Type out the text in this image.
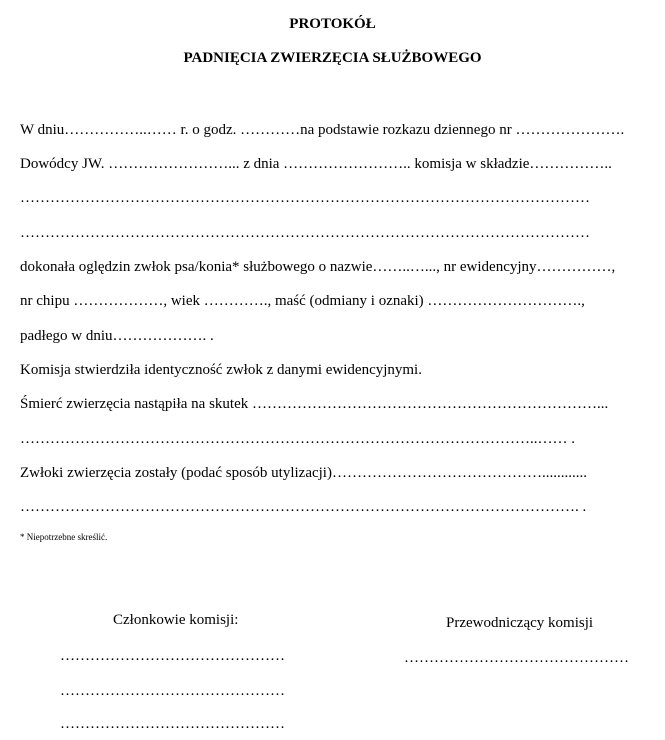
PROTOKÓŁ
PADNIĘCIA ZWIERZĘCIA SŁUŻBOWEGO
W dniu……………..…… r. o godz. …………na podstawie rozkazu dziennego nr ………………….
Dowódcy JW. ……………………... z dnia …………………….. komisja w składzie……………..
……………………………………………………………………………………………………
……………………………………………………………………………………………………
dokonała oględzin zwłok psa/konia* służbowego o nazwie……..…..., nr ewidencyjny……………,
nr chipu ………………, wiek …………., maść (odmiany i oznaki) ………………………….,
padłego w dniu………………. .
Komisja stwierdziła identyczność zwłok z danymi ewidencyjnymi.
Śmierć zwierzęcia nastąpiła na skutek ……………………………………………………………...
…………………………………………………………………………………………..…… .
Zwłoki zwierzęcia zostały (podać sposób utylizacji)……………………………………............
…………………………………………………………………………………………………. .
* Niepotrzebne skreślić.
Członkowie komisji:
………………………………………
………………………………………
………………………………………
Przewodniczący komisji
………………………………………
